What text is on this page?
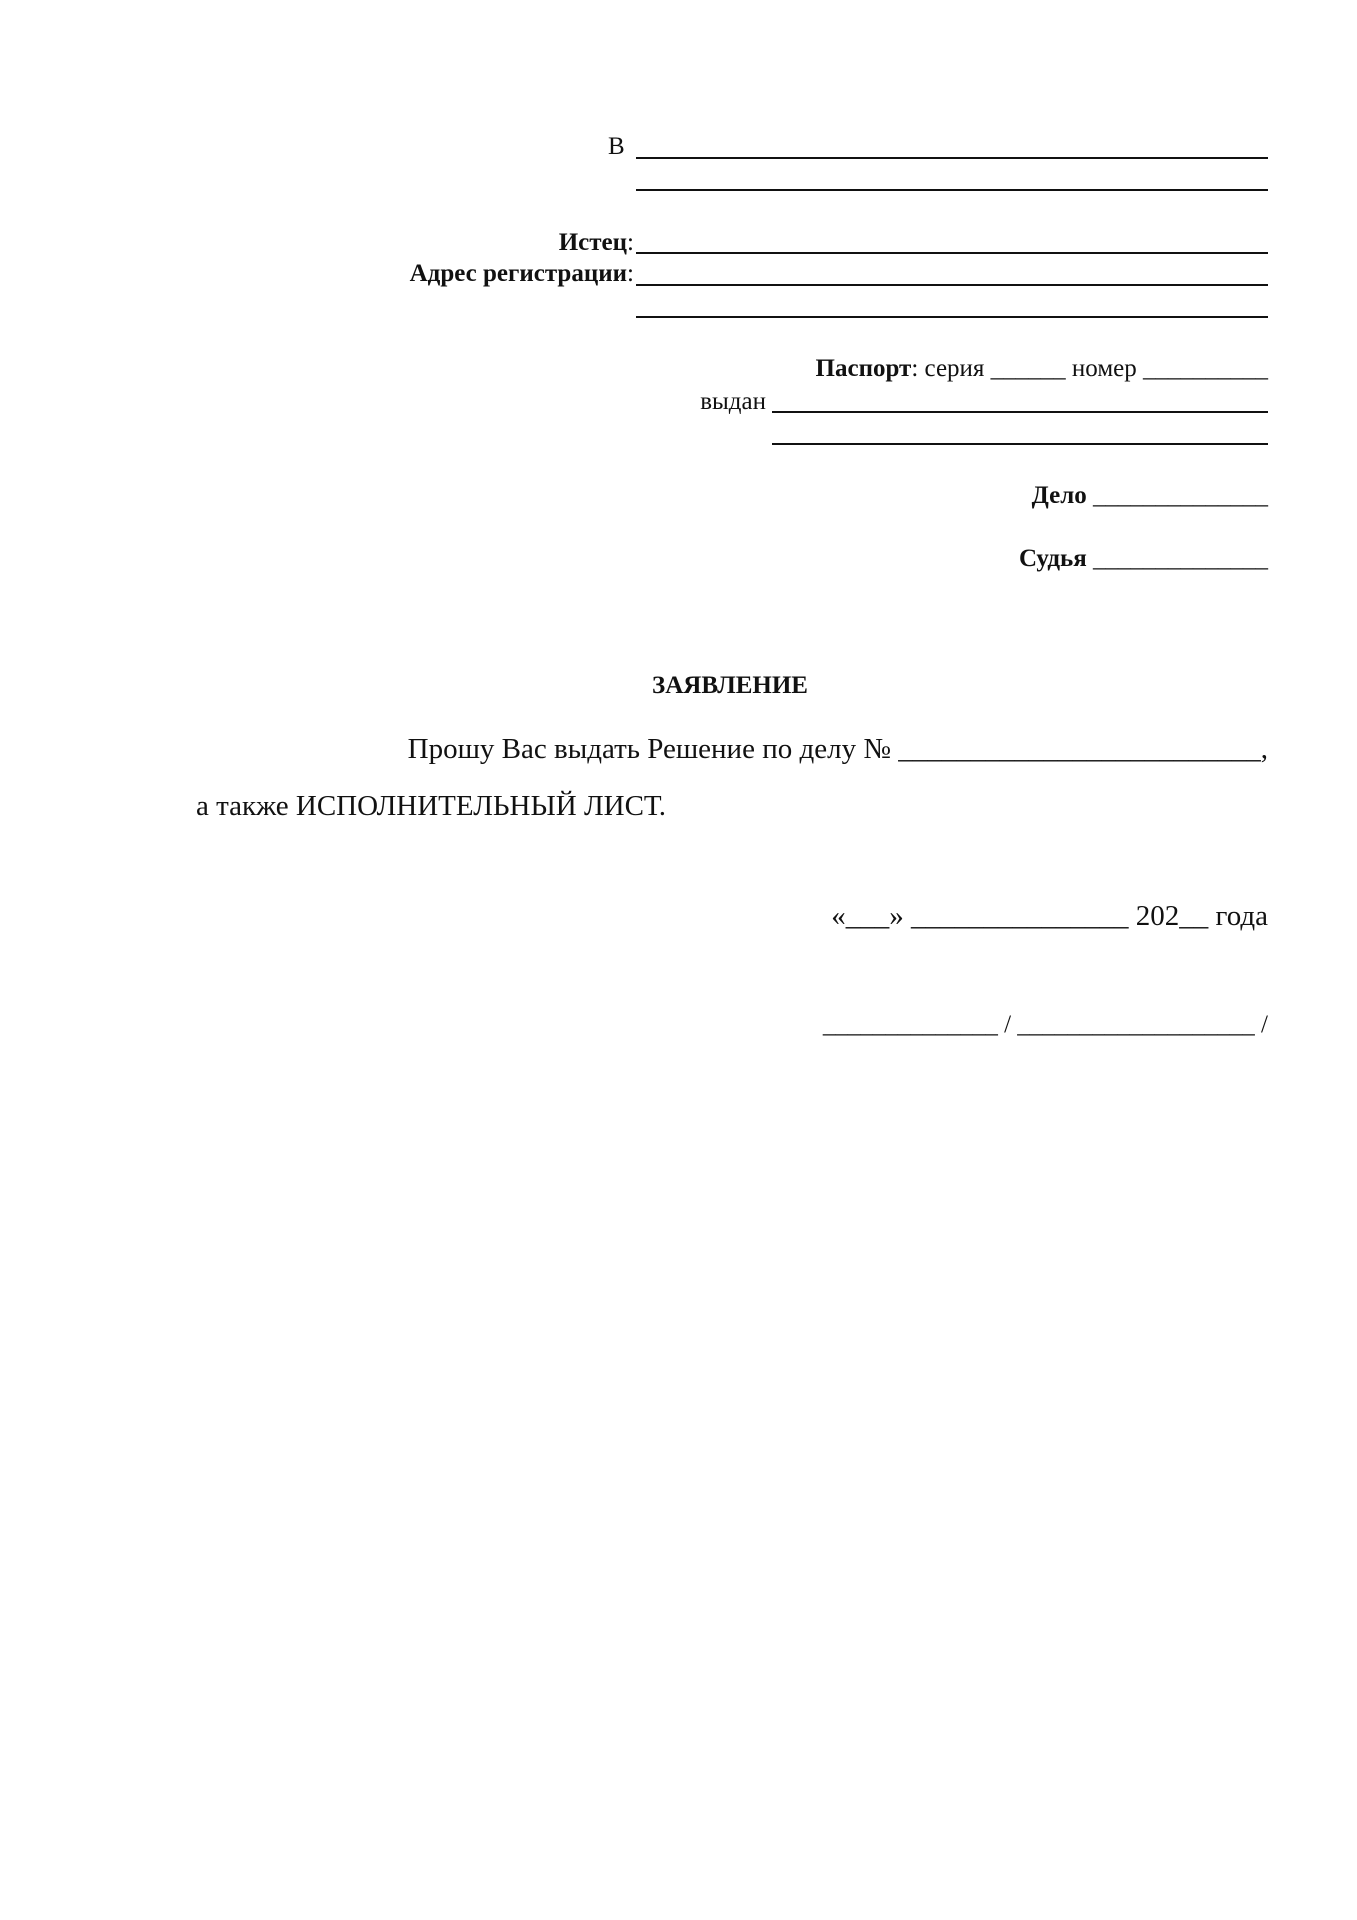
В
Истец:
Адрес регистрации:
Паспорт: серия ______ номер __________
выдан
Дело ______________
Судья ______________
ЗАЯВЛЕНИЕ
Прошу Вас выдать Решение по делу № _________________________,
а также ИСПОЛНИТЕЛЬНЫЙ ЛИСТ.
«___» _______________ 202__ года
______________ / ___________________ /
